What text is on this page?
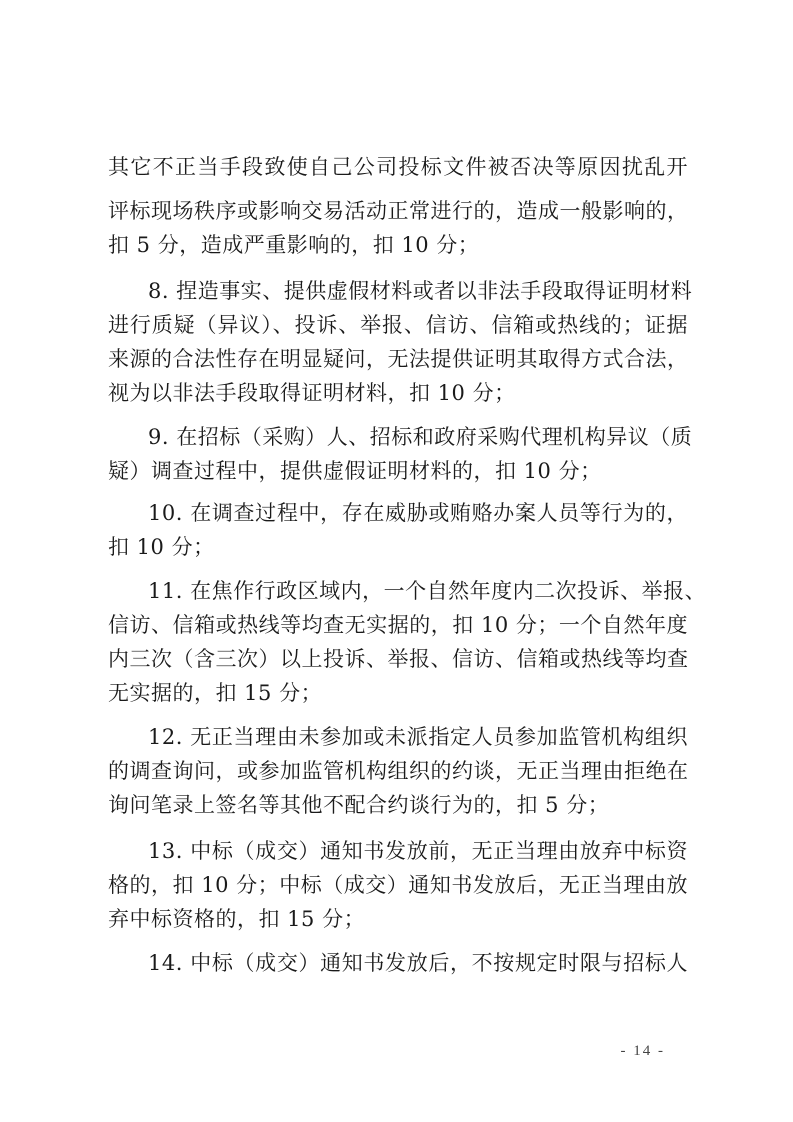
其它不正当手段致使自己公司投标文件被否决等原因扰乱开
评标现场秩序或影响交易活动正常进行的，造成一般影响的，
扣 5 分，造成严重影响的，扣 10 分；
8. 捏造事实、提供虚假材料或者以非法手段取得证明材料
进行质疑（异议）、投诉、举报、信访、信箱或热线的；证据
来源的合法性存在明显疑问，无法提供证明其取得方式合法，
视为以非法手段取得证明材料，扣 10 分；
9. 在招标（采购）人、招标和政府采购代理机构异议（质
疑）调查过程中，提供虚假证明材料的，扣 10 分；
10. 在调查过程中，存在威胁或贿赂办案人员等行为的，
扣 10 分；
11. 在焦作行政区域内，一个自然年度内二次投诉、举报、
信访、信箱或热线等均查无实据的，扣 10 分；一个自然年度
内三次（含三次）以上投诉、举报、信访、信箱或热线等均查
无实据的，扣 15 分；
12. 无正当理由未参加或未派指定人员参加监管机构组织
的调查询问，或参加监管机构组织的约谈，无正当理由拒绝在
询问笔录上签名等其他不配合约谈行为的，扣 5 分；
13. 中标（成交）通知书发放前，无正当理由放弃中标资
格的，扣 10 分；中标（成交）通知书发放后，无正当理由放
弃中标资格的，扣 15 分；
14. 中标（成交）通知书发放后，不按规定时限与招标人
- 14 -
